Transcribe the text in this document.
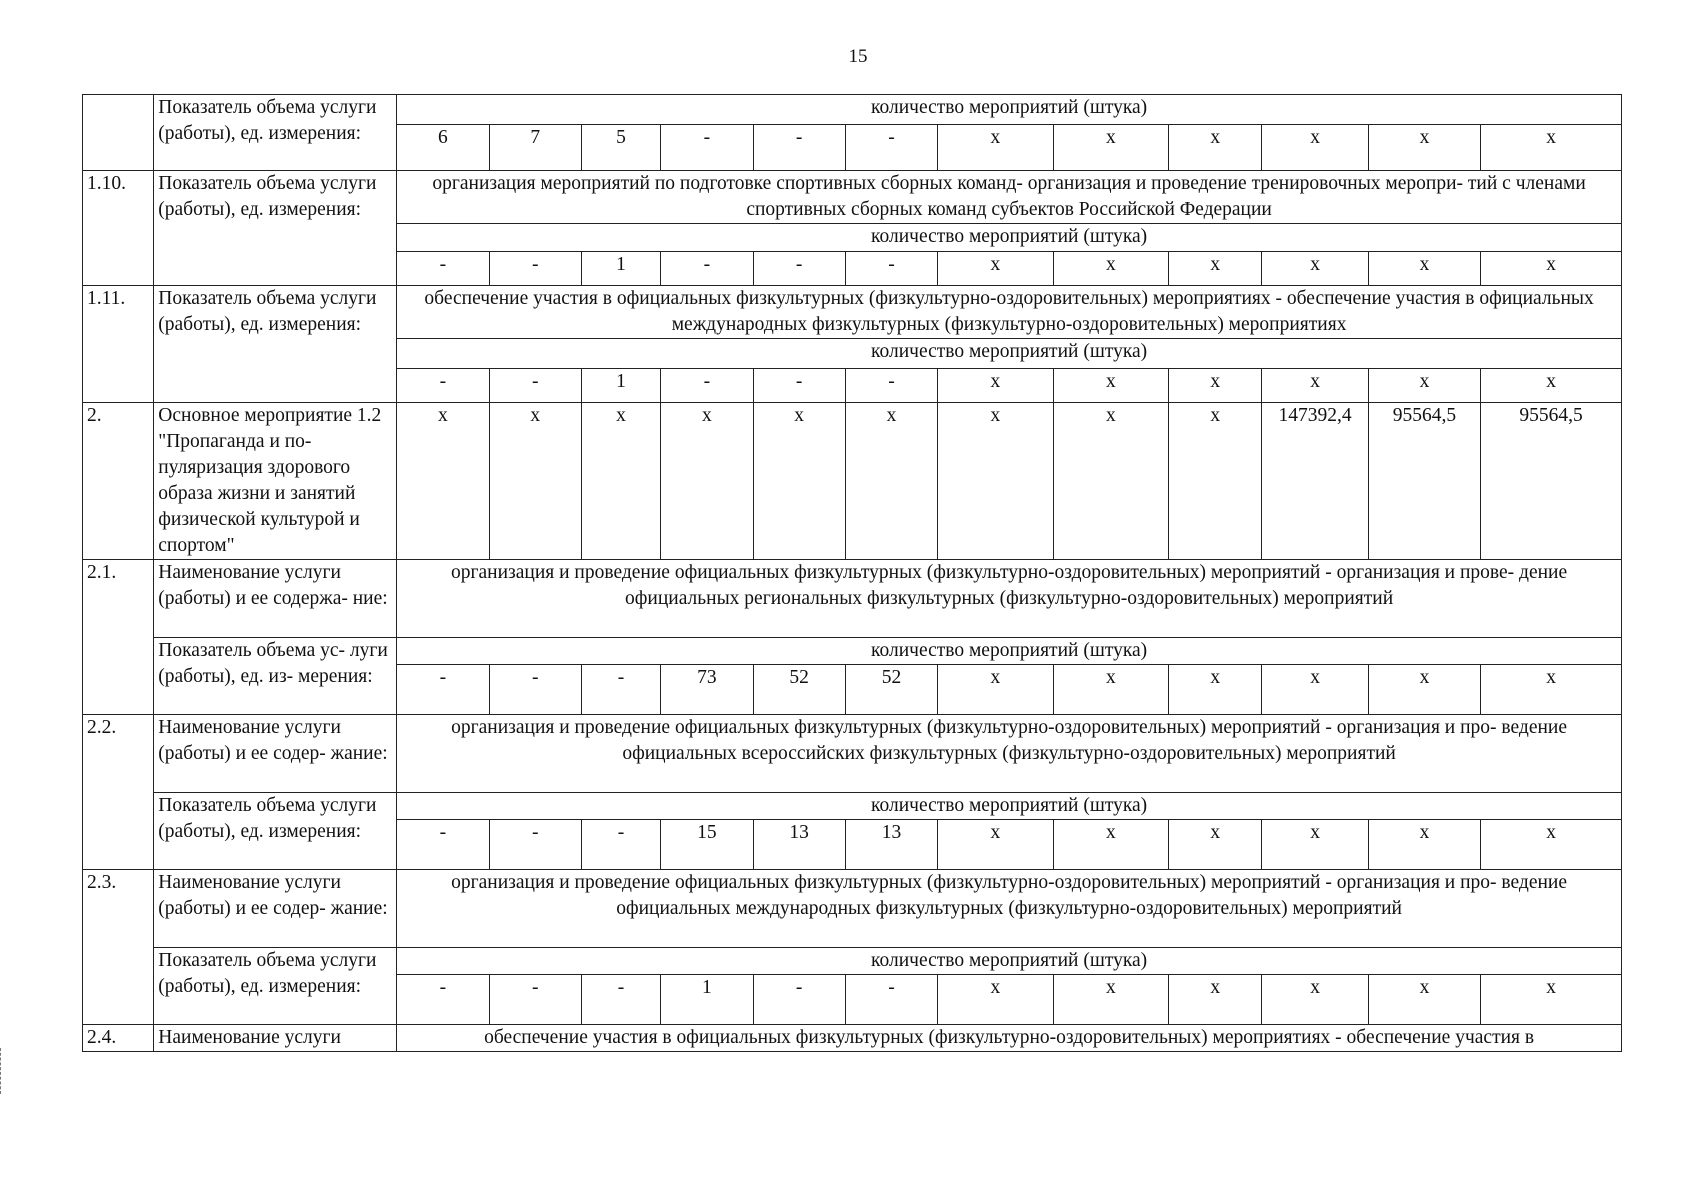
15
	Показатель объема услуги (работы), ед. измерения:	количество мероприятий (штука)											
		6	7	5	-	-	-	x	x	x	x	x	x
1.10.	Показатель объема услуги (работы), ед. измерения:	организация мероприятий по подготовке спортивных сборных команд- организация и проведение тренировочных меропри- тий с членами спортивных сборных команд субъектов Российской Федерации											
		количество мероприятий (штука)											
		-	-	1	-	-	-	x	x	x	x	x	x
1.11.	Показатель объема услуги (работы), ед. измерения:	обеспечение участия в официальных физкультурных (физкультурно-оздоровительных) мероприятиях - обеспечение участия в официальных международных физкультурных (физкультурно-оздоровительных) мероприятиях											
		количество мероприятий (штука)											
		-	-	1	-	-	-	x	x	x	x	x	x
2.	Основное мероприятие 1.2 "Пропаганда и по- пуляризация здорового образа жизни и занятий физической культурой и спортом"	x	x	x	x	x	x	x	x	x	147392,4	95564,5	95564,5
2.1.	Наименование услуги (работы) и ее содержа- ние:	организация и проведение официальных физкультурных (физкультурно-оздоровительных) мероприятий - организация и прове- дение официальных региональных физкультурных (физкультурно-оздоровительных) мероприятий											
	Показатель объема ус- луги (работы), ед. из- мерения:	количество мероприятий (штука)											
		-	-	-	73	52	52	x	x	x	x	x	x
2.2.	Наименование услуги (работы) и ее содер- жание:	организация и проведение официальных физкультурных (физкультурно-оздоровительных) мероприятий - организация и про- ведение официальных всероссийских физкультурных (физкультурно-оздоровительных) мероприятий											
	Показатель объема услуги (работы), ед. измерения:	количество мероприятий (штука)											
		-	-	-	15	13	13	x	x	x	x	x	x
2.3.	Наименование услуги (работы) и ее содер- жание:	организация и проведение официальных физкультурных (физкультурно-оздоровительных) мероприятий - организация и про- ведение официальных международных физкультурных (физкультурно-оздоровительных) мероприятий											
	Показатель объема услуги (работы), ед. измерения:	количество мероприятий (штука)											
		-	-	-	1	-	-	x	x	x	x	x	x
2.4.	Наименование услуги	обеспечение участия в официальных физкультурных (физкультурно-оздоровительных) мероприятиях - обеспечение участия в											
